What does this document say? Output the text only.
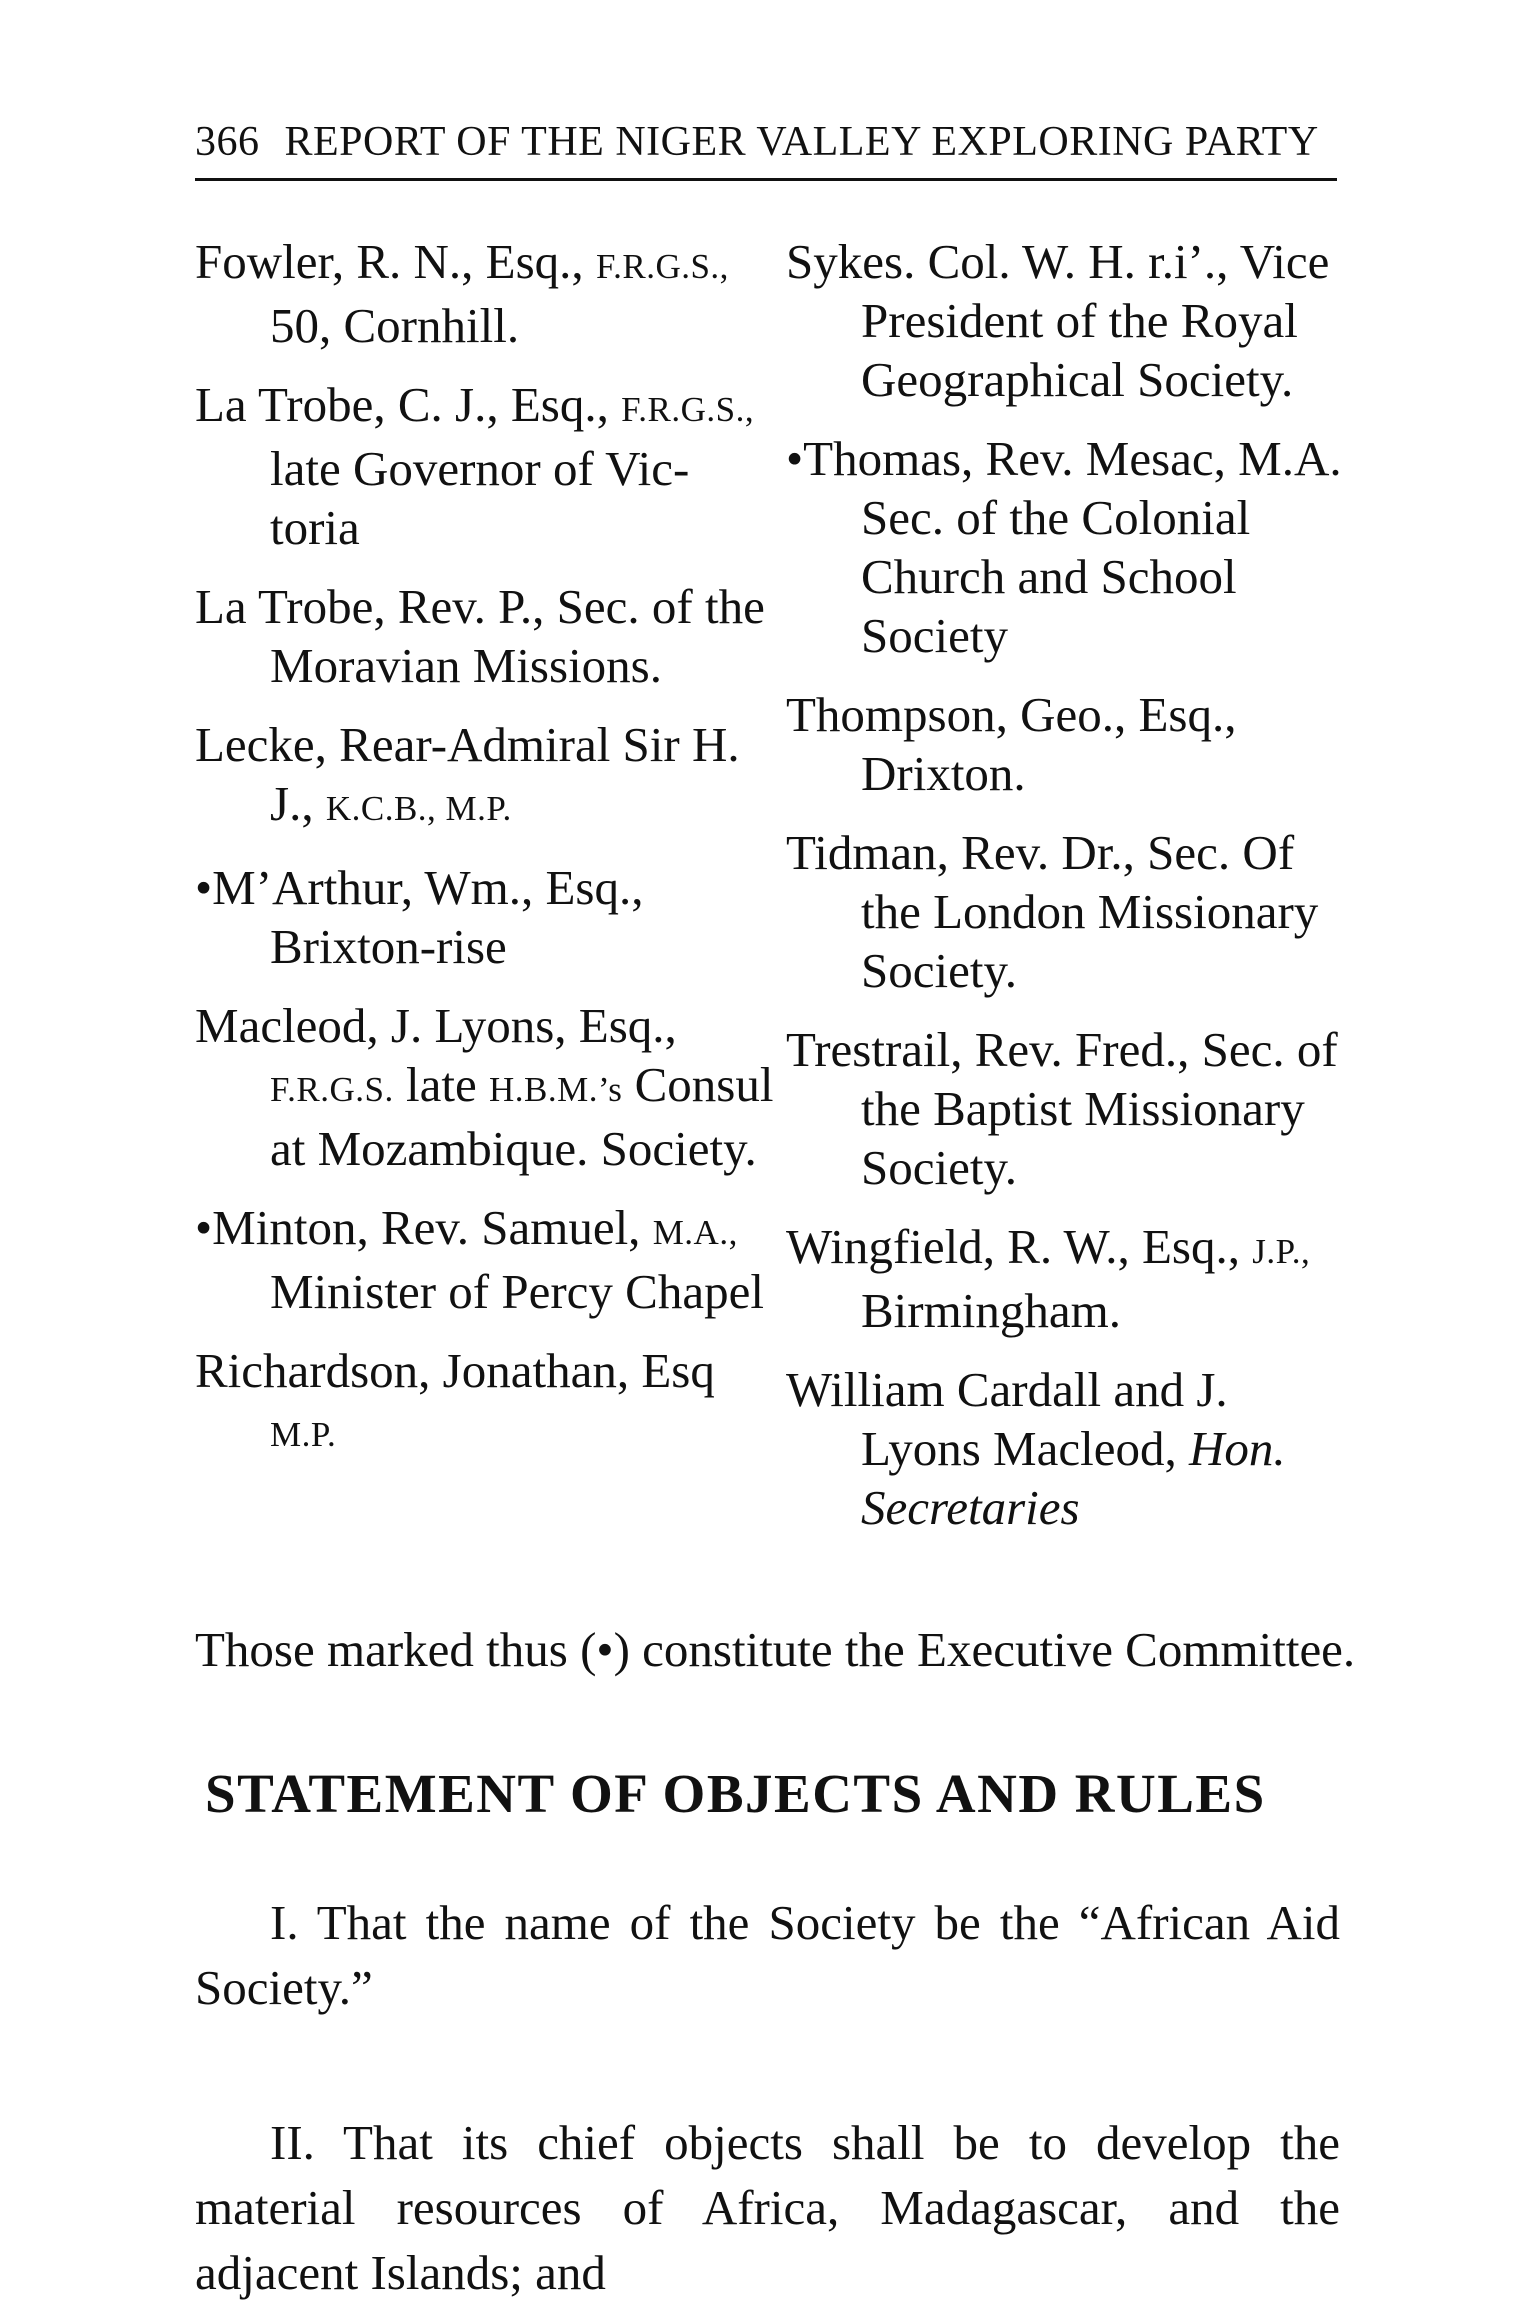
366 REPORT OF THE NIGER VALLEY EXPLORING PARTY
Fowler, R. N., Esq., F.R.G.S., 50, Cornhill.
La Trobe, C. J., Esq., F.R.G.S., late Governor of Vic-toria
La Trobe, Rev. P., Sec. of the Moravian Missions.
Lecke, Rear-Admiral Sir H. J., K.C.B., M.P.
•M’Arthur, Wm., Esq., Brixton-rise
Macleod, J. Lyons, Esq., F.R.G.S. late H.B.M.’s Consul at Mozambique. Society.
•Minton, Rev. Samuel, M.A., Minister of Percy Chapel
Richardson, Jonathan, Esq M.P.
Sykes. Col. W. H. r.i’., Vice President of the Royal Geographical Society.
•Thomas, Rev. Mesac, M.A. Sec. of the Colonial Church and School Society
Thompson, Geo., Esq., Drixton.
Tidman, Rev. Dr., Sec. Of the London Missionary Society.
Trestrail, Rev. Fred., Sec. of the Baptist Missionary Society.
Wingfield, R. W., Esq., J.P., Birmingham.
William Cardall and J. Lyons Macleod, Hon. Secretaries
Those marked thus (•) constitute the Executive Committee.
STATEMENT OF OBJECTS AND RULES
I. That the name of the Society be the “African Aid Society.”
II. That its chief objects shall be to develop the material resources of Africa, Madagascar, and the adjacent Islands; and
